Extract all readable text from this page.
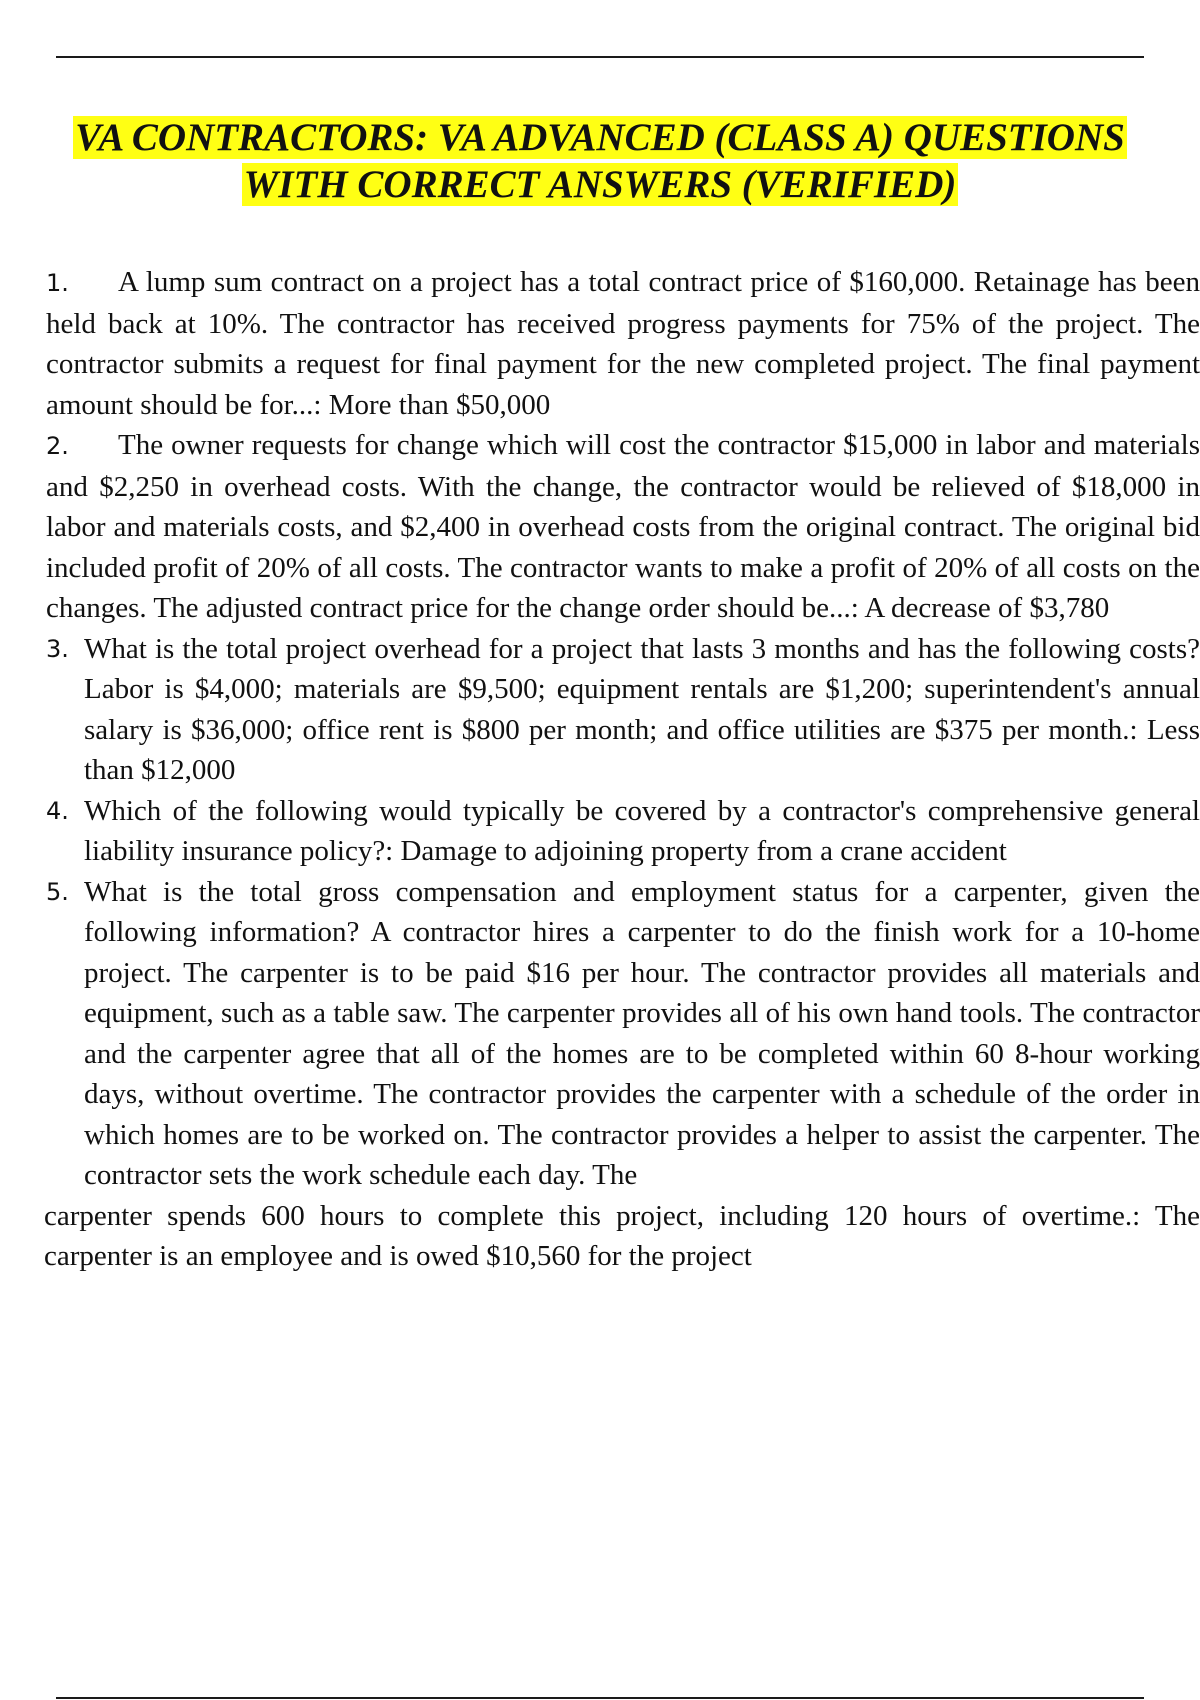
VA CONTRACTORS: VA ADVANCED (CLASS A) QUESTIONS
WITH CORRECT ANSWERS (VERIFIED)

1. A lump sum contract on a project has a total contract price of $160,000. Retainage has been held back at 10%. The contractor has received progress payments for 75% of the project. The contractor submits a request for final payment for the new completed project. The final payment amount should be for...: More than $50,000

2. The owner requests for change which will cost the contractor $15,000 in labor and materials and $2,250 in overhead costs. With the change, the contractor would be relieved of $18,000 in labor and materials costs, and $2,400 in overhead costs from the original contract. The original bid included profit of 20% of all costs. The contractor wants to make a profit of 20% of all costs on the changes. The adjusted contract price for the change order should be...: A decrease of $3,780

3. What is the total project overhead for a project that lasts 3 months and has the following costs? Labor is $4,000; materials are $9,500; equipment rentals are $1,200; superintendent's annual salary is $36,000; office rent is $800 per month; and office utilities are $375 per month.: Less than $12,000

4. Which of the following would typically be covered by a contractor's comprehensive general liability insurance policy?: Damage to adjoining property from a crane accident

5. What is the total gross compensation and employment status for a carpenter, given the following information? A contractor hires a carpenter to do the finish work for a 10-home project. The carpenter is to be paid $16 per hour. The contractor provides all materials and equipment, such as a table saw. The carpenter provides all of his own hand tools. The contractor and the carpenter agree that all of the homes are to be completed within 60 8-hour working days, without overtime. The contractor provides the carpenter with a schedule of the order in which homes are to be worked on. The contractor provides a helper to assist the carpenter. The contractor sets the work schedule each day. The

carpenter spends 600 hours to complete this project, including 120 hours of overtime.: The carpenter is an employee and is owed $10,560 for the project
